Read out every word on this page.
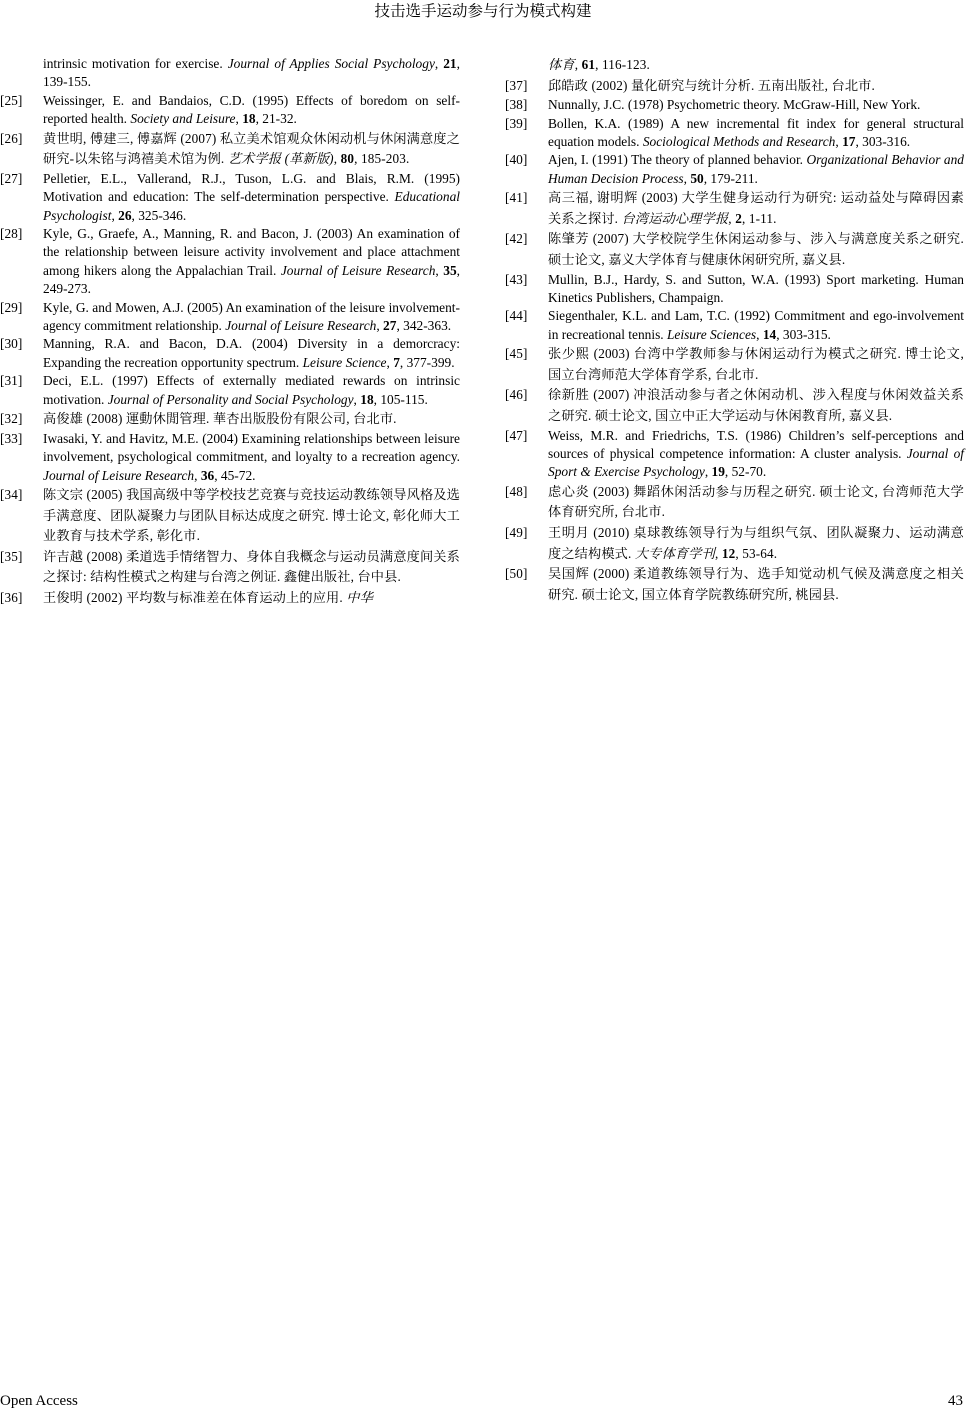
技击选手运动参与行为模式构建
intrinsic motivation for exercise. Journal of Applies Social Psychology, 21, 139-155.
[25]	Weissinger, E. and Bandaios, C.D. (1995) Effects of boredom on self-reported health. Society and Leisure, 18, 21-32.
[26]	黄世明, 傅建三, 傅嘉辉 (2007) 私立美术馆观众休闲动机与休闲满意度之研究-以朱铭与鸿禧美术馆为例. 艺术学报 (革新版), 80, 185-203.
[27]	Pelletier, E.L., Vallerand, R.J., Tuson, L.G. and Blais, R.M. (1995) Motivation and education: The self-determination perspective. Educational Psychologist, 26, 325-346.
[28]	Kyle, G., Graefe, A., Manning, R. and Bacon, J. (2003) An examination of the relationship between leisure activity involvement and place attachment among hikers along the Appalachian Trail. Journal of Leisure Research, 35, 249-273.
[29]	Kyle, G. and Mowen, A.J. (2005) An examination of the leisure involvement-agency commitment relationship. Journal of Leisure Research, 27, 342-363.
[30]	Manning, R.A. and Bacon, D.A. (2004) Diversity in a demorcracy: Expanding the recreation opportunity spectrum. Leisure Science, 7, 377-399.
[31]	Deci, E.L. (1997) Effects of externally mediated rewards on intrinsic motivation. Journal of Personality and Social Psychology, 18, 105-115.
[32]	高俊雄 (2008) 運動休閒管理. 華杏出版股份有限公司, 台北市.
[33]	Iwasaki, Y. and Havitz, M.E. (2004) Examining relationships between leisure involvement, psychological commitment, and loyalty to a recreation agency. Journal of Leisure Research, 36, 45-72.
[34]	陈文宗 (2005) 我国高级中等学校技艺竞赛与竞技运动教练领导风格及选手满意度、团队凝聚力与团队目标达成度之研究. 博士论文, 彰化师大工业教育与技术学系, 彰化市.
[35]	许吉越 (2008) 柔道选手情绪智力、身体自我概念与运动员满意度间关系之探讨: 结构性模式之构建与台湾之例证. 鑫健出版社, 台中县.
[36]	王俊明 (2002) 平均数与标准差在体育运动上的应用. 中华
体育, 61, 116-123.
[37]	邱皓政 (2002) 量化研究与统计分析. 五南出版社, 台北市.
[38]	Nunnally, J.C. (1978) Psychometric theory. McGraw-Hill, New York.
[39]	Bollen, K.A. (1989) A new incremental fit index for general structural equation models. Sociological Methods and Research, 17, 303-316.
[40]	Ajen, I. (1991) The theory of planned behavior. Organizational Behavior and Human Decision Process, 50, 179-211.
[41]	高三福, 谢明辉 (2003) 大学生健身运动行为研究: 运动益处与障碍因素关系之探讨. 台湾运动心理学报, 2, 1-11.
[42]	陈肇芳 (2007) 大学校院学生休闲运动参与、涉入与满意度关系之研究. 硕士论文, 嘉义大学体育与健康休闲研究所, 嘉义县.
[43]	Mullin, B.J., Hardy, S. and Sutton, W.A. (1993) Sport marketing. Human Kinetics Publishers, Champaign.
[44]	Siegenthaler, K.L. and Lam, T.C. (1992) Commitment and ego-involvement in recreational tennis. Leisure Sciences, 14, 303-315.
[45]	张少熙 (2003) 台湾中学教师参与休闲运动行为模式之研究. 博士论文, 国立台湾师范大学体育学系, 台北市.
[46]	徐新胜 (2007) 冲浪活动参与者之休闲动机、涉入程度与休闲效益关系之研究. 硕士论文, 国立中正大学运动与休闲教育所, 嘉义县.
[47]	Weiss, M.R. and Friedrichs, T.S. (1986) Children’s self-perceptions and sources of physical competence information: A cluster analysis. Journal of Sport & Exercise Psychology, 19, 52-70.
[48]	虑心炎 (2003) 舞蹈休闲活动参与历程之研究. 硕士论文, 台湾师范大学体育研究所, 台北市.
[49]	王明月 (2010) 桌球教练领导行为与组织气氛、团队凝聚力、运动满意度之结构模式. 大专体育学刊, 12, 53-64.
[50]	吴国辉 (2000) 柔道教练领导行为、选手知觉动机气候及满意度之相关研究. 硕士论文, 国立体育学院教练研究所, 桃园县.
Open Access	43
